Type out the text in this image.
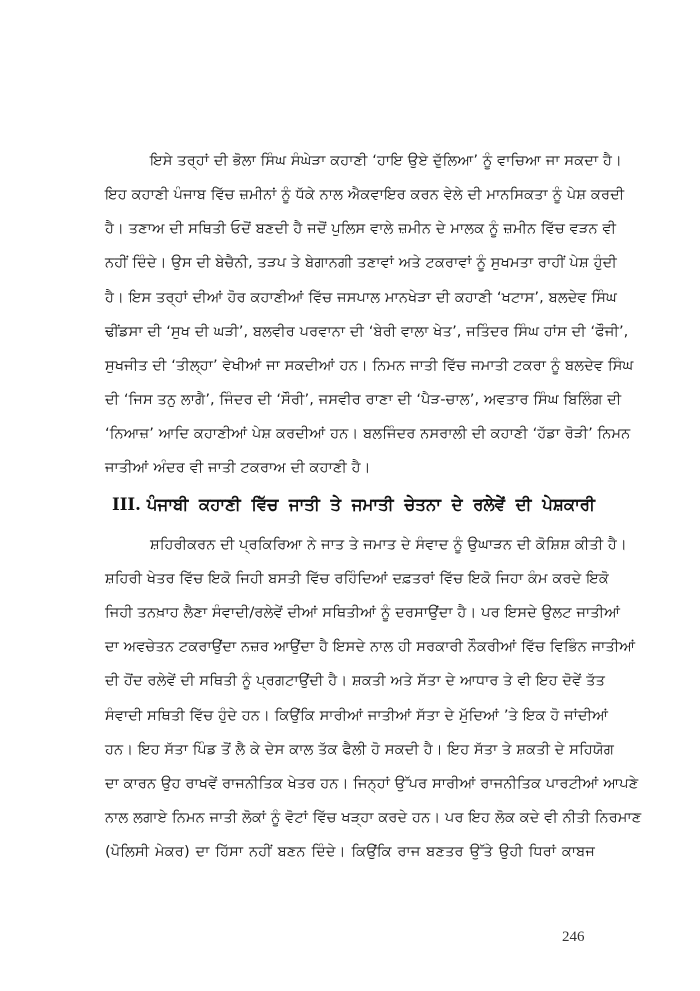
ਇਸੇ ਤਰ੍ਹਾਂ ਦੀ ਭੋਲਾ ਸਿੰਘ ਸੰਘੇੜਾ ਕਹਾਣੀ ‘ਹਾਇ ਉਏ ਦੁੱਲਿਆ’ ਨੂੰ ਵਾਚਿਆ ਜਾ ਸਕਦਾ ਹੈ।
ਇਹ ਕਹਾਣੀ ਪੰਜਾਬ ਵਿੱਚ ਜ਼ਮੀਨਾਂ ਨੂੰ ਧੱਕੇ ਨਾਲ ਐਕਵਾਇਰ ਕਰਨ ਵੇਲੇ ਦੀ ਮਾਨਸਿਕਤਾ ਨੂੰ ਪੇਸ਼ ਕਰਦੀ
ਹੈ। ਤਣਾਅ ਦੀ ਸਥਿਤੀ ਓਦੋਂ ਬਣਦੀ ਹੈ ਜਦੋਂ ਪੁਲਿਸ ਵਾਲੇ ਜ਼ਮੀਨ ਦੇ ਮਾਲਕ ਨੂੰ ਜ਼ਮੀਨ ਵਿੱਚ ਵੜਨ ਵੀ
ਨਹੀਂ ਦਿੰਦੇ। ਉਸ ਦੀ ਬੇਚੈਨੀ, ਤੜਪ ਤੇ ਬੇਗਾਨਗੀ ਤਣਾਵਾਂ ਅਤੇ ਟਕਰਾਵਾਂ ਨੂੰ ਸੁਖਮਤਾ ਰਾਹੀਂ ਪੇਸ਼ ਹੁੰਦੀ
ਹੈ। ਇਸ ਤਰ੍ਹਾਂ ਦੀਆਂ ਹੋਰ ਕਹਾਣੀਆਂ ਵਿੱਚ ਜਸਪਾਲ ਮਾਨਖੇੜਾ ਦੀ ਕਹਾਣੀ ‘ਖਟਾਸ’, ਬਲਦੇਵ ਸਿੰਘ
ਢੀਂਡਸਾ ਦੀ ‘ਸੁਖ ਦੀ ਘੜੀ’, ਬਲਵੀਰ ਪਰਵਾਨਾ ਦੀ ‘ਬੇਰੀ ਵਾਲਾ ਖੇਤ’, ਜਤਿੰਦਰ ਸਿੰਘ ਹਾਂਸ ਦੀ ‘ਫੌਜੀ’,
ਸੁਖਜੀਤ ਦੀ ‘ਤੀਲ੍ਹਾ’ ਵੇਖੀਆਂ ਜਾ ਸਕਦੀਆਂ ਹਨ। ਨਿਮਨ ਜਾਤੀ ਵਿੱਚ ਜਮਾਤੀ ਟਕਰਾ ਨੂੰ ਬਲਦੇਵ ਸਿੰਘ
ਦੀ ‘ਜਿਸ ਤਨੁ ਲਾਗੈ’, ਜਿੰਦਰ ਦੀ ‘ਸੌਰੀ’, ਜਸਵੀਰ ਰਾਣਾ ਦੀ ‘ਪੈੜ-ਚਾਲ’, ਅਵਤਾਰ ਸਿੰਘ ਬਿਲਿੰਗ ਦੀ
‘ਨਿਆਜ਼’ ਆਦਿ ਕਹਾਣੀਆਂ ਪੇਸ਼ ਕਰਦੀਆਂ ਹਨ। ਬਲਜਿੰਦਰ ਨਸਰਾਲੀ ਦੀ ਕਹਾਣੀ ‘ਹੱਡਾ ਰੋੜੀ’ ਨਿਮਨ
ਜਾਤੀਆਂ ਅੰਦਰ ਵੀ ਜਾਤੀ ਟਕਰਾਅ ਦੀ ਕਹਾਣੀ ਹੈ।
III. ਪੰਜਾਬੀ ਕਹਾਣੀ ਵਿੱਚ ਜਾਤੀ ਤੇ ਜਮਾਤੀ ਚੇਤਨਾ ਦੇ ਰਲੇਵੇਂ ਦੀ ਪੇਸ਼ਕਾਰੀ
ਸ਼ਹਿਰੀਕਰਨ ਦੀ ਪ੍ਰਕਿਰਿਆ ਨੇ ਜਾਤ ਤੇ ਜਮਾਤ ਦੇ ਸੰਵਾਦ ਨੂੰ ਉਘਾੜਨ ਦੀ ਕੋਸ਼ਿਸ਼ ਕੀਤੀ ਹੈ।
ਸ਼ਹਿਰੀ ਖੇਤਰ ਵਿੱਚ ਇਕੋ ਜਿਹੀ ਬਸਤੀ ਵਿੱਚ ਰਹਿੰਦਿਆਂ ਦਫ਼ਤਰਾਂ ਵਿੱਚ ਇਕੋ ਜਿਹਾ ਕੰਮ ਕਰਦੇ ਇਕੋ
ਜਿਹੀ ਤਨਖ਼ਾਹ ਲੈਣਾ ਸੰਵਾਦੀ/ਰਲੇਵੇਂ ਦੀਆਂ ਸਥਿਤੀਆਂ ਨੂੰ ਦਰਸਾਉਂਦਾ ਹੈ। ਪਰ ਇਸਦੇ ਉਲਟ ਜਾਤੀਆਂ
ਦਾ ਅਵਚੇਤਨ ਟਕਰਾਉਂਦਾ ਨਜ਼ਰ ਆਉਂਦਾ ਹੈ ਇਸਦੇ ਨਾਲ ਹੀ ਸਰਕਾਰੀ ਨੌਕਰੀਆਂ ਵਿੱਚ ਵਿਭਿੰਨ ਜਾਤੀਆਂ
ਦੀ ਹੋਂਦ ਰਲੇਵੇਂ ਦੀ ਸਥਿਤੀ ਨੂੰ ਪ੍ਰਗਟਾਉਂਦੀ ਹੈ। ਸ਼ਕਤੀ ਅਤੇ ਸੱਤਾ ਦੇ ਆਧਾਰ ਤੇ ਵੀ ਇਹ ਦੋਵੇਂ ਤੱਤ
ਸੰਵਾਦੀ ਸਥਿਤੀ ਵਿੱਚ ਹੁੰਦੇ ਹਨ। ਕਿਉਂਕਿ ਸਾਰੀਆਂ ਜਾਤੀਆਂ ਸੱਤਾ ਦੇ ਮੁੱਦਿਆਂ ’ਤੇ ਇਕ ਹੋ ਜਾਂਦੀਆਂ
ਹਨ। ਇਹ ਸੱਤਾ ਪਿੰਡ ਤੋਂ ਲੈ ਕੇ ਦੇਸ ਕਾਲ ਤੱਕ ਫੈਲੀ ਹੋ ਸਕਦੀ ਹੈ। ਇਹ ਸੱਤਾ ਤੇ ਸ਼ਕਤੀ ਦੇ ਸਹਿਯੋਗ
ਦਾ ਕਾਰਨ ਉਹ ਰਾਖਵੇਂ ਰਾਜਨੀਤਿਕ ਖੇਤਰ ਹਨ। ਜਿਨ੍ਹਾਂ ਉੱਪਰ ਸਾਰੀਆਂ ਰਾਜਨੀਤਿਕ ਪਾਰਟੀਆਂ ਆਪਣੇ
ਨਾਲ ਲਗਾਏ ਨਿਮਨ ਜਾਤੀ ਲੋਕਾਂ ਨੂੰ ਵੋਟਾਂ ਵਿੱਚ ਖੜ੍ਹਾ ਕਰਦੇ ਹਨ। ਪਰ ਇਹ ਲੋਕ ਕਦੇ ਵੀ ਨੀਤੀ ਨਿਰਮਾਣ
(ਪੋਲਿਸੀ ਮੇਕਰ) ਦਾ ਹਿੱਸਾ ਨਹੀਂ ਬਣਨ ਦਿੰਦੇ। ਕਿਉਂਕਿ ਰਾਜ ਬਣਤਰ ਉੱਤੇ ਉਹੀ ਧਿਰਾਂ ਕਾਬਜ
246
